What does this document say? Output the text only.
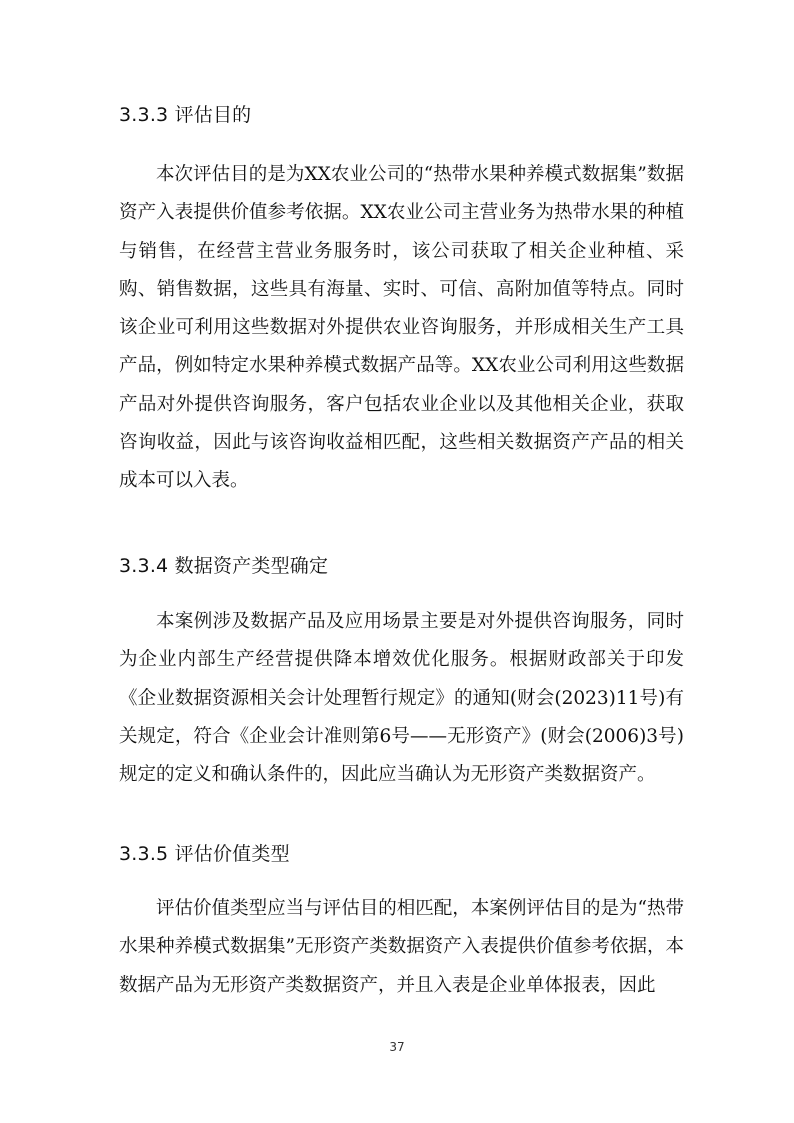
3.3.3 评估目的

本次评估目的是为XX农业公司的“热带水果种养模式数据集”数据资产入表提供价值参考依据。XX农业公司主营业务为热带水果的种植与销售，在经营主营业务服务时，该公司获取了相关企业种植、采购、销售数据，这些具有海量、实时、可信、高附加值等特点。同时该企业可利用这些数据对外提供农业咨询服务，并形成相关生产工具产品，例如特定水果种养模式数据产品等。XX农业公司利用这些数据产品对外提供咨询服务，客户包括农业企业以及其他相关企业，获取咨询收益，因此与该咨询收益相匹配，这些相关数据资产产品的相关成本可以入表。

3.3.4 数据资产类型确定

本案例涉及数据产品及应用场景主要是对外提供咨询服务，同时为企业内部生产经营提供降本增效优化服务。根据财政部关于印发《企业数据资源相关会计处理暂行规定》的通知(财会(2023)11号)有关规定，符合《企业会计准则第6号——无形资产》(财会(2006)3号)规定的定义和确认条件的，因此应当确认为无形资产类数据资产。

3.3.5 评估价值类型

评估价值类型应当与评估目的相匹配，本案例评估目的是为“热带水果种养模式数据集”无形资产类数据资产入表提供价值参考依据，本数据产品为无形资产类数据资产，并且入表是企业单体报表，因此

37
